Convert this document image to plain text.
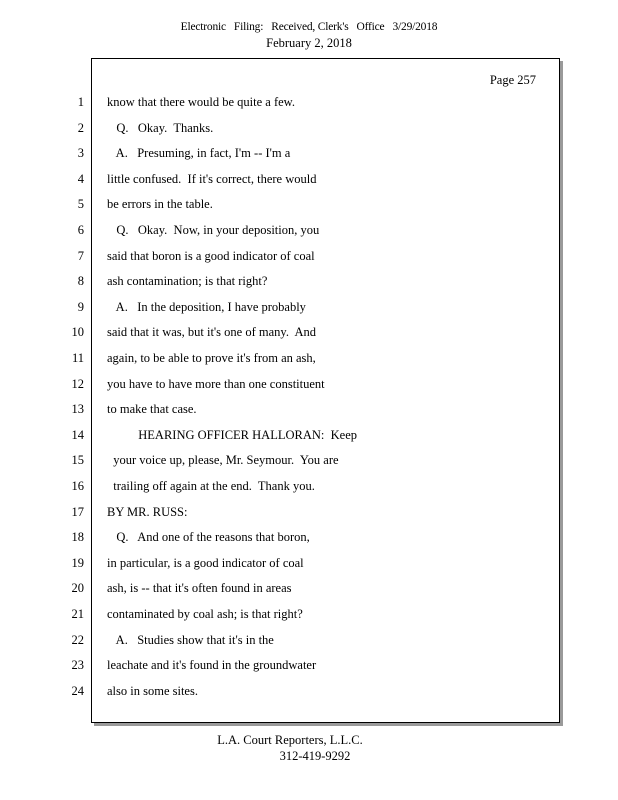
Electronic   Filing:   Received, Clerk's   Office   3/29/2018
February 2, 2018
Page 257
1 know that there would be quite a few.
2 Q.   Okay.  Thanks.
3 A.   Presuming, in fact, I'm -- I'm a
4 little confused.  If it's correct, there would
5 be errors in the table.
6 Q.   Okay.  Now, in your deposition, you
7 said that boron is a good indicator of coal
8 ash contamination; is that right?
9 A.   In the deposition, I have probably
10 said that it was, but it's one of many.  And
11 again, to be able to prove it's from an ash,
12 you have to have more than one constituent
13 to make that case.
14 HEARING OFFICER HALLORAN:  Keep
15 your voice up, please, Mr. Seymour.  You are
16 trailing off again at the end.  Thank you.
17 BY MR. RUSS:
18 Q.   And one of the reasons that boron,
19 in particular, is a good indicator of coal
20 ash, is -- that it's often found in areas
21 contaminated by coal ash; is that right?
22 A.   Studies show that it's in the
23 leachate and it's found in the groundwater
24 also in some sites.
L.A. Court Reporters, L.L.C.
312-419-9292
